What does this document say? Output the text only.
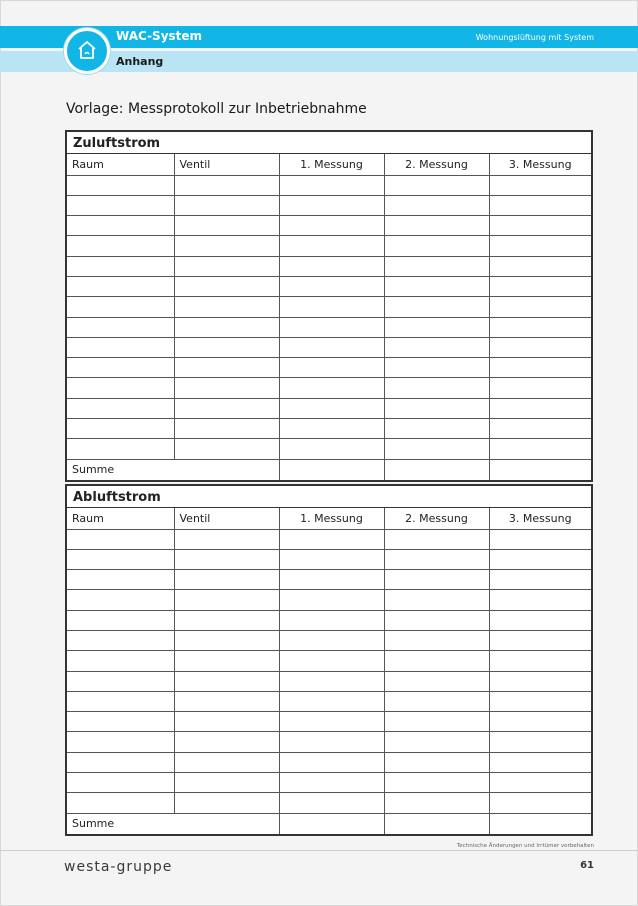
WAC-System	Wohnungslüftung mit System
Anhang
Vorlage: Messprotokoll zur Inbetriebnahme
Zuluftstrom
Raum	Ventil	1. Messung	2. Messung	3. Messung

Summe				
Abluftstrom
Raum	Ventil	1. Messung	2. Messung	3. Messung

Summe				
Technische Änderungen und Irrtümer vorbehalten
westa-gruppe	61
